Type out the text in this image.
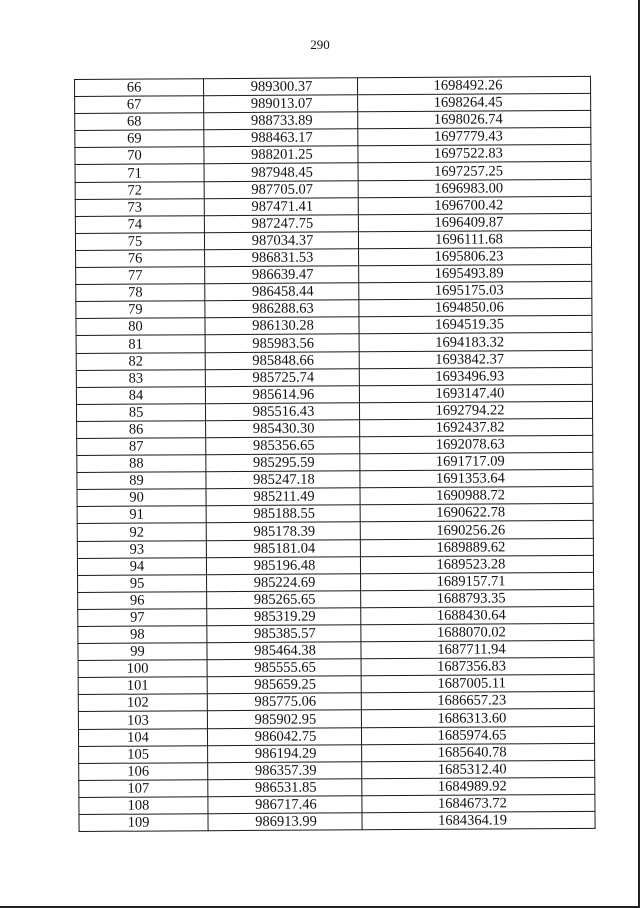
290
66	989300.37	1698492.26
67	989013.07	1698264.45
68	988733.89	1698026.74
69	988463.17	1697779.43
70	988201.25	1697522.83
71	987948.45	1697257.25
72	987705.07	1696983.00
73	987471.41	1696700.42
74	987247.75	1696409.87
75	987034.37	1696111.68
76	986831.53	1695806.23
77	986639.47	1695493.89
78	986458.44	1695175.03
79	986288.63	1694850.06
80	986130.28	1694519.35
81	985983.56	1694183.32
82	985848.66	1693842.37
83	985725.74	1693496.93
84	985614.96	1693147.40
85	985516.43	1692794.22
86	985430.30	1692437.82
87	985356.65	1692078.63
88	985295.59	1691717.09
89	985247.18	1691353.64
90	985211.49	1690988.72
91	985188.55	1690622.78
92	985178.39	1690256.26
93	985181.04	1689889.62
94	985196.48	1689523.28
95	985224.69	1689157.71
96	985265.65	1688793.35
97	985319.29	1688430.64
98	985385.57	1688070.02
99	985464.38	1687711.94
100	985555.65	1687356.83
101	985659.25	1687005.11
102	985775.06	1686657.23
103	985902.95	1686313.60
104	986042.75	1685974.65
105	986194.29	1685640.78
106	986357.39	1685312.40
107	986531.85	1684989.92
108	986717.46	1684673.72
109	986913.99	1684364.19
